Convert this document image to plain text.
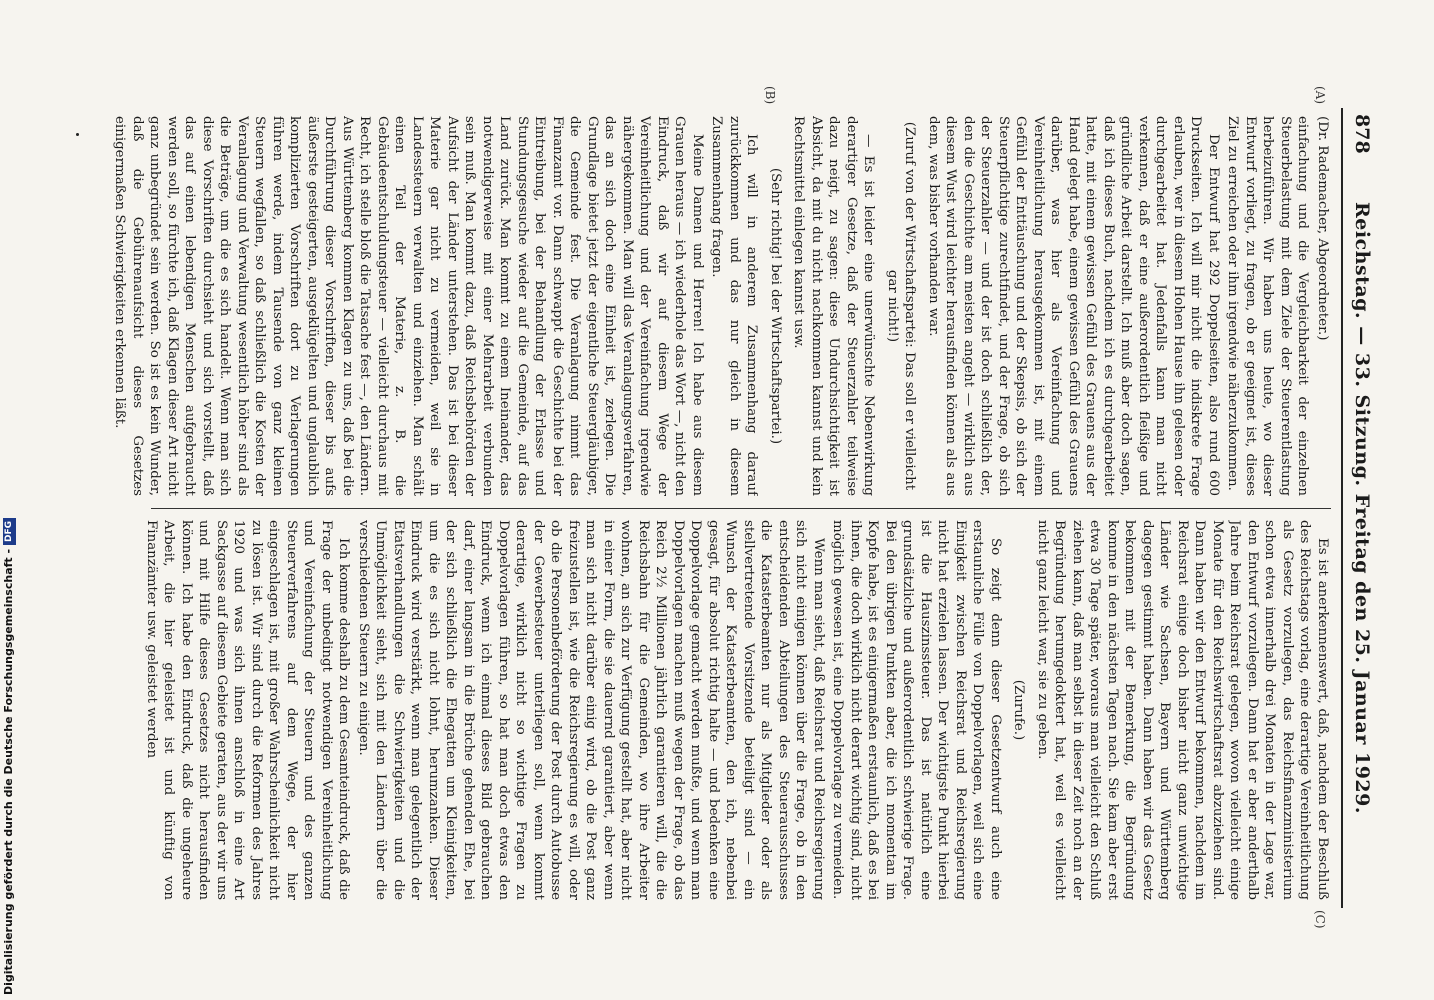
878
Reichstag. — 33. Sitzung. Freitag den 25. Januar 1929.

(Dr. Rademacher, Abgeordneter.)

einfachung und die Vergleichbarkeit der einzelnen Steuerbelastung mit dem Ziele der Steuerentlastung herbeizuführen. Wir haben uns heute, wo dieser Entwurf vorliegt, zu fragen, ob er geeignet ist, dieses Ziel zu erreichen oder ihm irgendwie näherzukommen.

Der Entwurf hat 292 Doppelseiten, also rund 600 Druckseiten. Ich will mir nicht die indiskrete Frage erlauben, wer in diesem Hohen Hause ihn gelesen oder durchgearbeitet hat. Jedenfalls kann man nicht verkennen, daß er eine außerordentlich fleißige und gründliche Arbeit darstellt. Ich muß aber doch sagen, daß ich dieses Buch, nachdem ich es durchgearbeitet hatte, mit einem gewissen Gefühl des Grauens aus der Hand gelegt habe, einem gewissen Gefühl des Grauens darüber, was hier als Vereinfachung und Vereinheitlichung herausgekommen ist, mit einem Gefühl der Enttäuschung und der Skepsis, ob sich der Steuerpflichtige zurechtfindet, und der Frage, ob sich der Steuerzahler — und der ist doch schließlich der, den die Geschichte am meisten angeht — wirklich aus diesem Wust wird leichter herausfinden können als aus dem, was bisher vorhanden war.

(Zuruf von der Wirtschaftspartei: Das soll er vielleicht gar nicht!)

— Es ist leider eine unerwünschte Nebenwirkung derartiger Gesetze, daß der Steuerzahler teilweise dazu neigt, zu sagen: diese Undurchsichtigkeit ist Absicht, da mit du nicht nachkommen kannst und kein Rechtsmittel einlegen kannst usw.

(Sehr richtig! bei der Wirtschaftspartei.)

Ich will in anderem Zusammenhang darauf zurückkommen und das nur gleich in diesem Zusammenhang fragen.

Meine Damen und Herren! Ich habe aus diesem Grauen heraus — ich wiederhole das Wort —, nicht den Eindruck, daß wir auf diesem Wege der Vereinheitlichung und der Vereinfachung irgendwie nähergekommen. Man will das Veranlagungsverfahren, das an sich doch eine Einheit ist, zerlegen. Die Grundlage bietet jetzt der eigentliche Steuergläubiger, die Gemeinde fest. Die Veranlagung nimmt das Finanzamt vor. Dann schwappt die Geschichte bei der Eintreibung, bei der Behandlung der Erlasse und Stundungsgesuche wieder auf die Gemeinde, auf das Land zurück. Man kommt zu einem Ineinander, das notwendigerweise mit einer Mehrarbeit verbunden sein muß. Man kommt dazu, daß Reichsbehörden der Aufsicht der Länder unterstehen. Das ist bei dieser Materie gar nicht zu vermeiden, weil sie in Landessteuern verwalten und einziehen. Man schält einen Teil der Materie, z. B. die Gebäudeentschuldungsteuer — vielleicht durchaus mit Recht, ich stelle bloß die Tatsache fest —, den Ländern. Aus Württemberg kommen Klagen zu uns, daß bei die Durchführung dieser Vorschriften, dieser bis aufs äußerste gesteigerten, ausgeklügelten und unglaublich komplizierten Vorschriften dort zu Verlagerungen führen werde, indem Tausende von ganz kleinen Steuern wegfallen, so daß schließlich die Kosten der Veranlagung und Verwaltung wesentlich höher sind als die Beträge, um die es sich handelt. Wenn man sich diese Vorschriften durchsieht und sich vorstellt, daß das auf einen lebendigen Menschen aufgebraucht werden soll, so fürchte ich, daß Klagen dieser Art nicht ganz unbegründet sein werden. So ist es kein Wunder, daß die Gebührenaufsicht dieses Gesetzes einigermaßen Schwierigkeiten erkennen läßt.

Es ist anerkennenswert, daß, nachdem der Beschluß des Reichstags vorlag, eine derartige Vereinheitlichung als Gesetz vorzulegen, das Reichsfinanzministerium schon etwa innerhalb drei Monaten in der Lage war, den Entwurf vorzulegen. Dann hat er aber anderthalb Jahre beim Reichsrat gelegen, wovon vielleicht einige Monate für den Reichswirtschaftsrat abzuziehen sind. Dann haben wir den Entwurf bekommen, nachdem im Reichsrat einige doch bisher nicht ganz unwichtige Länder wie Sachsen, Bayern und Württemberg dagegen gestimmt haben. Dann haben wir das Gesetz bekommen mit der Bemerkung, die Begründung komme in den nächsten Tagen nach. Sie kam aber erst etwa 30 Tage später, woraus man vielleicht den Schluß ziehen kann, daß man selbst in dieser Zeit noch an der Begründung herumgedoktert hat, weil es vielleicht nicht ganz leicht war, sie zu geben.

(Zurufe.)

So zeigt denn dieser Gesetzentwurf auch eine erstaunliche Fülle von Doppelvorlagen, weil sich eine Einigkeit zwischen Reichsrat und Reichsregierung nicht hat erzielen lassen. Der wichtigste Punkt hierbei ist die Hauszinssteuer. Das ist natürlich eine grundsätzliche und außerordentlich schwierige Frage. Bei den übrigen Punkten aber, die ich momentan im Kopfe habe, ist es einigermaßen erstaunlich, daß es bei ihnen, die doch wirklich nicht derart wichtig sind, nicht möglich gewesen ist, eine Doppelvorlage zu vermeiden.

Wenn man sieht, daß Reichsrat und Reichsregierung sich nicht einigen können über die Frage, ob in den entscheidenden Abteilungen des Steuerausschusses die Katasterbeamten nur als Mitglieder oder als stellvertretende Vorsitzende beteiligt sind — ein Wunsch der Katasterbeamten, den ich, nebenbei gesagt, für absolut richtig halte — und bedenken eine Doppelvorlage gemacht werden mußte, und wenn man Doppelvorlagen machen muß wegen der Frage, ob das Reich 2½ Millionen jährlich garantieren will, die die Reichsbahn für die Gemeinden, wo ihre Arbeiter wohnen, an sich zur Verfügung gestellt hat, aber nicht in einer Form, die sie dauernd garantiert, aber wenn man sich nicht darüber einig wird, ob die Post ganz freizustellen ist, wie die Reichsregierung es will, oder ob die Personenbeförderung der Post durch Autobusse der Gewerbesteuer unterliegen soll, wenn kommt derartige, wirklich nicht so wichtige Fragen zu Doppelvorlagen führen, so hat man doch etwas den Eindruck, wenn ich einmal dieses Bild gebrauchen darf, einer langsam in die Brüche gehenden Ehe, bei der sich schließlich die Ehegatten um Kleinigkeiten, um die es sich nicht lohnt, herumzanken. Dieser Eindruck wird verstärkt, wenn man gelegentlich der Etatsverhandlungen die Schwierigkeiten und die Unmöglichkeit sieht, sich mit den Ländern über die verschiedenen Steuern zu einigen.

Ich komme deshalb zu dem Gesamteindruck, daß die Frage der unbedingt notwendigen Vereinheitlichung und Vereinfachung der Steuern und des ganzen Steuerverfahrens auf dem Wege, der hier eingeschlagen ist, mit großer Wahrscheinlichkeit nicht zu lösen ist. Wir sind durch die Reformen des Jahres 1920 und was sich ihnen anschloß in eine Art Sackgasse auf diesem Gebiete geraten, aus der wir uns und mit Hilfe dieses Gesetzes nicht herausfinden können. Ich habe den Eindruck, daß die ungeheure Arbeit, die hier geleistet ist und künftig von Finanzämter usw. geleistet werden

(A)
(B)
(C)
Digitalisierung gefördert durch die Deutsche Forschungsgemeinschaft -DFG
